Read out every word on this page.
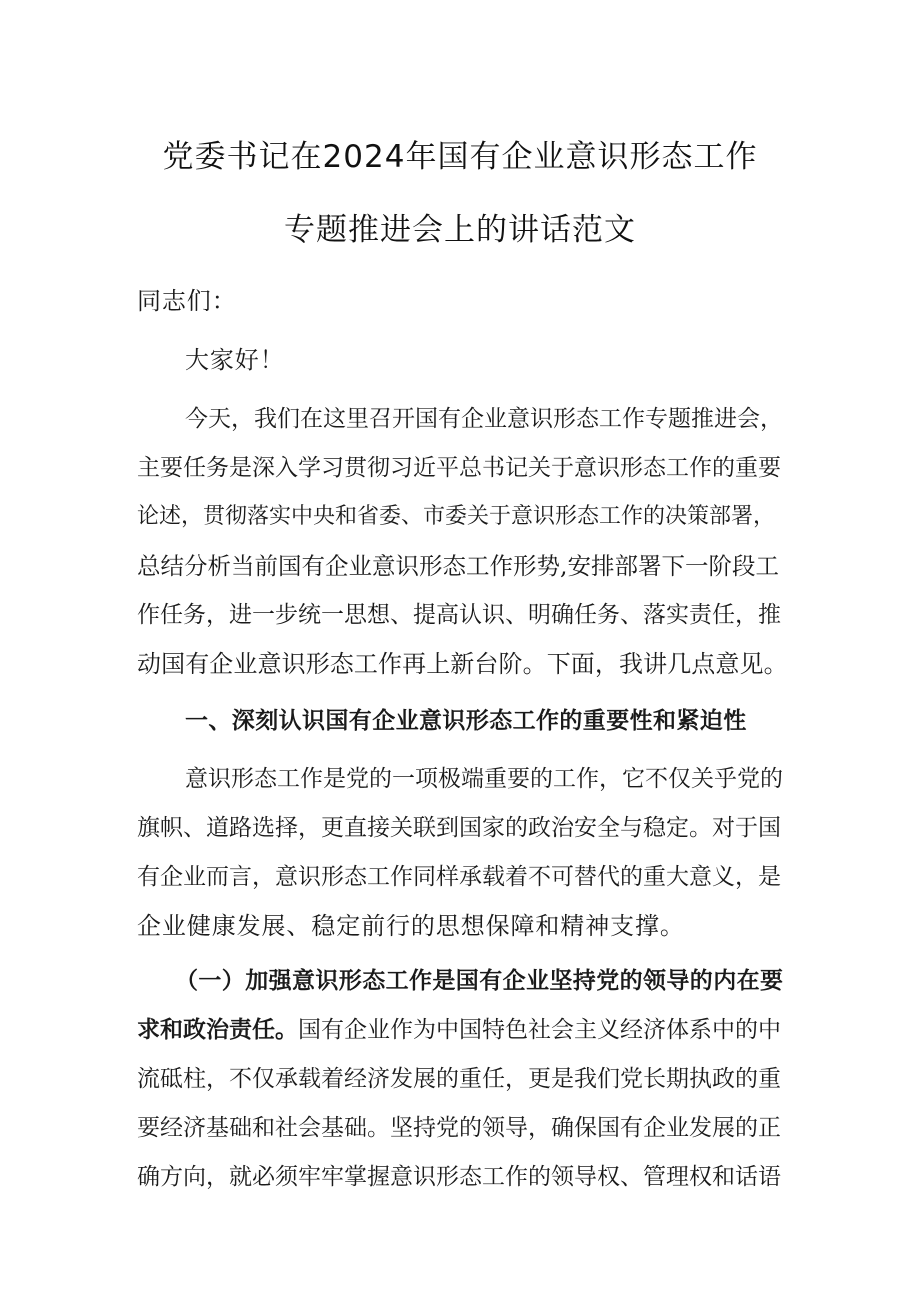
党委书记在2024年国有企业意识形态工作
专题推进会上的讲话范文

同志们：

大家好！

今天，我们在这里召开国有企业意识形态工作专题推进会，

主要任务是深入学习贯彻习近平总书记关于意识形态工作的重要

论述，贯彻落实中央和省委、市委关于意识形态工作的决策部署，

总结分析当前国有企业意识形态工作形势,安排部署下一阶段工

作任务，进一步统一思想、提高认识、明确任务、落实责任，推

动国有企业意识形态工作再上新台阶。下面，我讲几点意见。

一、深刻认识国有企业意识形态工作的重要性和紧迫性

意识形态工作是党的一项极端重要的工作，它不仅关乎党的

旗帜、道路选择，更直接关联到国家的政治安全与稳定。对于国

有企业而言，意识形态工作同样承载着不可替代的重大意义，是

企业健康发展、稳定前行的思想保障和精神支撑。

（一）加强意识形态工作是国有企业坚持党的领导的内在要

求和政治责任。国有企业作为中国特色社会主义经济体系中的中

流砥柱，不仅承载着经济发展的重任，更是我们党长期执政的重

要经济基础和社会基础。坚持党的领导，确保国有企业发展的正

确方向，就必须牢牢掌握意识形态工作的领导权、管理权和话语
